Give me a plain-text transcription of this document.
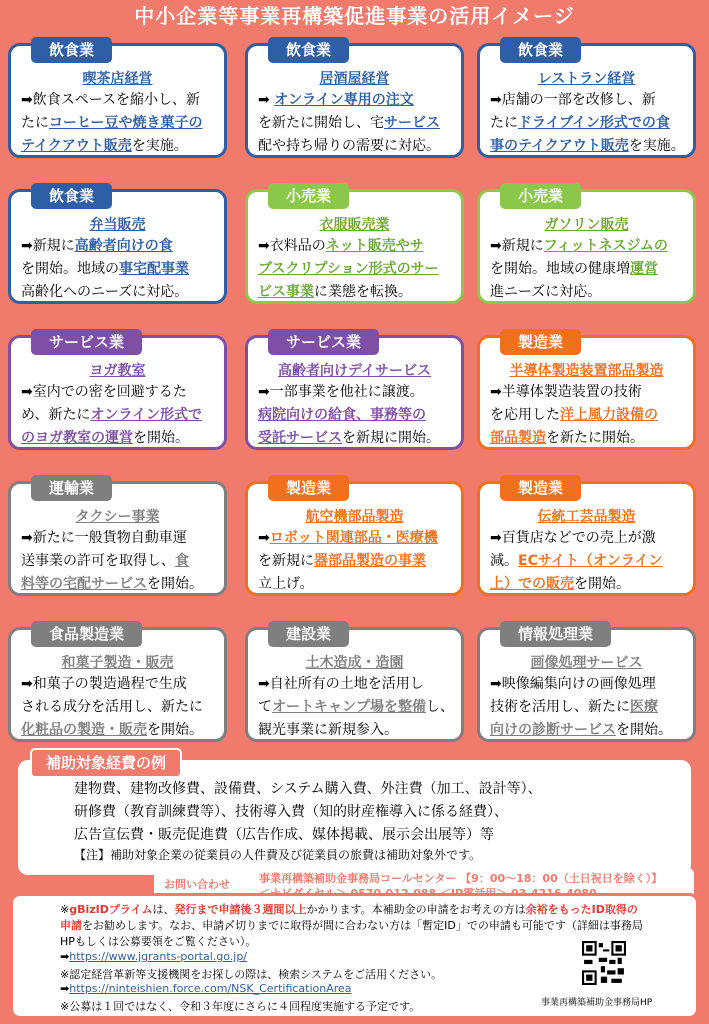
中小企業等事業再構築促進事業の活用イメージ
飲食業
喫茶店経営
➡飲食スペースを縮小し、新
たにコーヒー豆や焼き菓子の
テイクアウト販売を実施。
飲食業
居酒屋経営
➡ オンライン専用の注文
を新たに開始し、宅サービス
配や持ち帰りの需要に対応。
飲食業
レストラン経営
➡店舗の一部を改修し、新
たにドライブイン形式での食
事のテイクアウト販売を実施。
飲食業
弁当販売
➡新規に高齢者向けの食
を開始。地域の事宅配事業
高齢化へのニーズに対応。
小売業
衣服販売業
➡衣料品のネット販売やサ
ブスクリプション形式のサー
ビス事業に業態を転換。
小売業
ガソリン販売
➡新規にフィットネスジムの
を開始。地域の健康増運営
進ニーズに対応。
サービス業
ヨガ教室
➡室内での密を回避するた
め、新たにオンライン形式で
のヨガ教室の運営を開始。
サービス業
高齢者向けデイサービス
➡一部事業を他社に譲渡。
病院向けの給食、事務等の
受託サービスを新規に開始。
製造業
半導体製造装置部品製造
➡半導体製造装置の技術
を応用した洋上風力設備の
部品製造を新たに開始。
運輸業
タクシー事業
➡新たに一般貨物自動車運
送事業の許可を取得し、食
料等の宅配サービスを開始。
製造業
航空機部品製造
➡ロボット関連部品・医療機
を新規に器部品製造の事業
立上げ。
製造業
伝統工芸品製造
➡百貨店などでの売上が激
減。ECサイト（オンライン
上）での販売を開始。
食品製造業
和菓子製造・販売
➡和菓子の製造過程で生成
される成分を活用し、新たに
化粧品の製造・販売を開始。
建設業
土木造成・造園
➡自社所有の土地を活用し
てオートキャンプ場を整備し、
観光事業に新規参入。
情報処理業
画像処理サービス
➡映像編集向けの画像処理
技術を活用し、新たに医療
向けの診断サービスを開始。
補助対象経費の例
建物費、建物改修費、設備費、システム購入費、外注費（加工、設計等）、
研修費（教育訓練費等）、技術導入費（知的財産権導入に係る経費）、
広告宣伝費・販売促進費（広告作成、媒体掲載、展示会出展等）等
【注】補助対象企業の従業員の人件費及び従業員の旅費は補助対象外です。
お問い合わせ	事業再構築補助金事務局コールセンター 【9：00～18：00（土日祝日を除く）】
※gBizIDプライムは、発行まで申請後３週間以上かかります。本補助金の申請をお考えの方は余裕をもったID取得の
申請をお勧めします。なお、申請〆切りまでに取得が間に合わない方は「暫定ID」での申請も可能です（詳細は事務局
HPもしくは公募要領をご覧ください）。
➡https://www.jgrants-portal.go.jp/
※認定経営革新等支援機関をお探しの際は、検索システムをご活用ください。
➡https://ninteishien.force.com/NSK_CertificationArea
※公募は１回ではなく、令和３年度にさらに４回程度実施する予定です。	事業再構築補助金事務局HP
